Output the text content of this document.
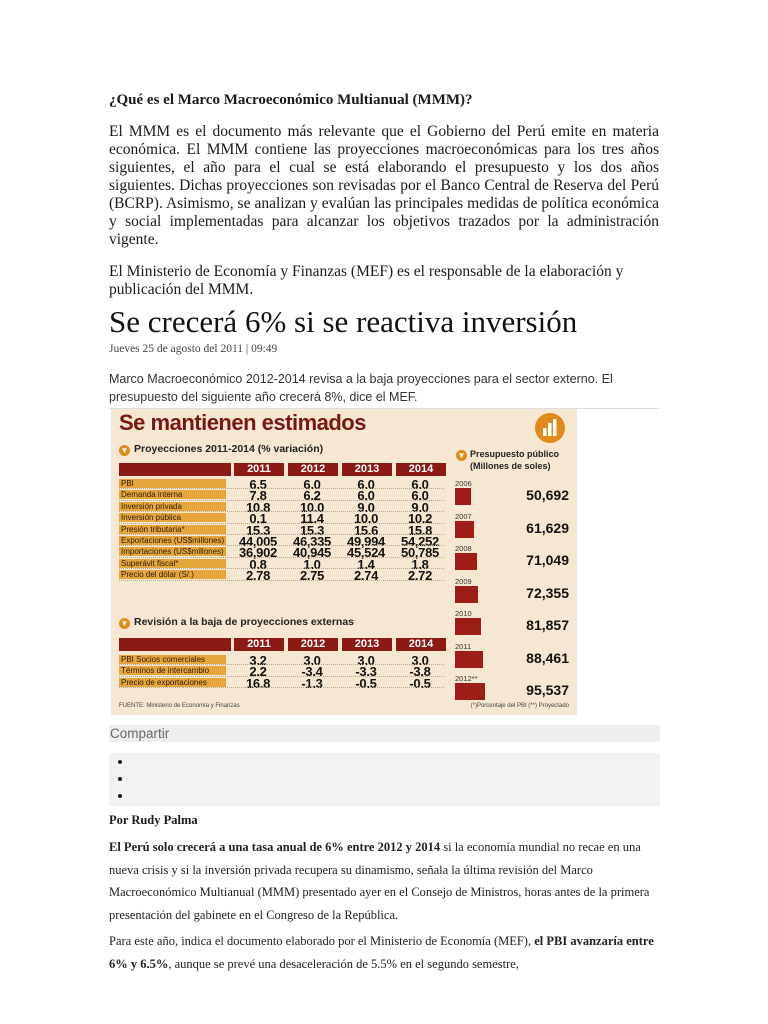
¿Qué es el Marco Macroeconómico Multianual (MMM)?
El MMM es el documento más relevante que el Gobierno del Perú emite en materia económica. El MMM contiene las proyecciones macroeconómicas para los tres años siguientes, el año para el cual se está elaborando el presupuesto y los dos años siguientes. Dichas proyecciones son revisadas por el Banco Central de Reserva del Perú (BCRP). Asimismo, se analizan y evalúan las principales medidas de política económica y social implementadas para alcanzar los objetivos trazados por la administración vigente.
El Ministerio de Economía y Finanzas (MEF) es el responsable de la elaboración y publicación del MMM.
Se crecerá 6% si se reactiva inversión
Jueves 25 de agosto del 2011 | 09:49
Marco Macroeconómico 2012-2014 revisa a la baja proyecciones para el sector externo. El presupuesto del siguiente año crecerá 8%, dice el MEF.
Se mantienen estimados
▼ Proyecciones 2011-2014 (% variación)
2011	2012	2013	2014
PBI	6.5	6.0	6.0	6.0
Demanda interna	7.8	6.2	6.0	6.0
Inversión privada	10.8	10.0	9.0	9.0
Inversión pública	0.1	11.4	10.0	10.2
Presión tributaria*	15.3	15.3	15.6	15.8
Exportaciones (US$millones)	44,005	46,335	49,994	54,252
Importaciones (US$millones)	36,902	40,945	45,524	50,785
Superávit fiscal*	0.8	1.0	1.4	1.8
Precio del dólar (S/.)	2.78	2.75	2.74	2.72
▼ Revisión a la baja de proyecciones externas
2011	2012	2013	2014
PBI Socios comerciales	3.2	3.0	3.0	3.0
Términos de intercambio	2.2	-3.4	-3.3	-3.8
Precio de exportaciones	16.8	-1.3	-0.5	-0.5
▼ Presupuesto público
(Millones de soles)
2006
50,692
2007
61,629
2008
71,049
2009
72,355
2010
81,857
2011
88,461
2012**
95,537
FUENTE: Ministerio de Economía y Finanzas	(*)Porcentaje del PBI (**) Proyectado
Compartir
•
•
•
Por Rudy Palma
El Perú solo crecerá a una tasa anual de 6% entre 2012 y 2014 si la economía mundial no recae en una nueva crisis y si la inversión privada recupera su dinamismo, señala la última revisión del Marco Macroeconómico Multianual (MMM) presentado ayer en el Consejo de Ministros, horas antes de la primera presentación del gabinete en el Congreso de la República.
Para este año, indica el documento elaborado por el Ministerio de Economía (MEF), el PBI avanzaría entre 6% y 6.5%, aunque se prevé una desaceleración de 5.5% en el segundo semestre,
